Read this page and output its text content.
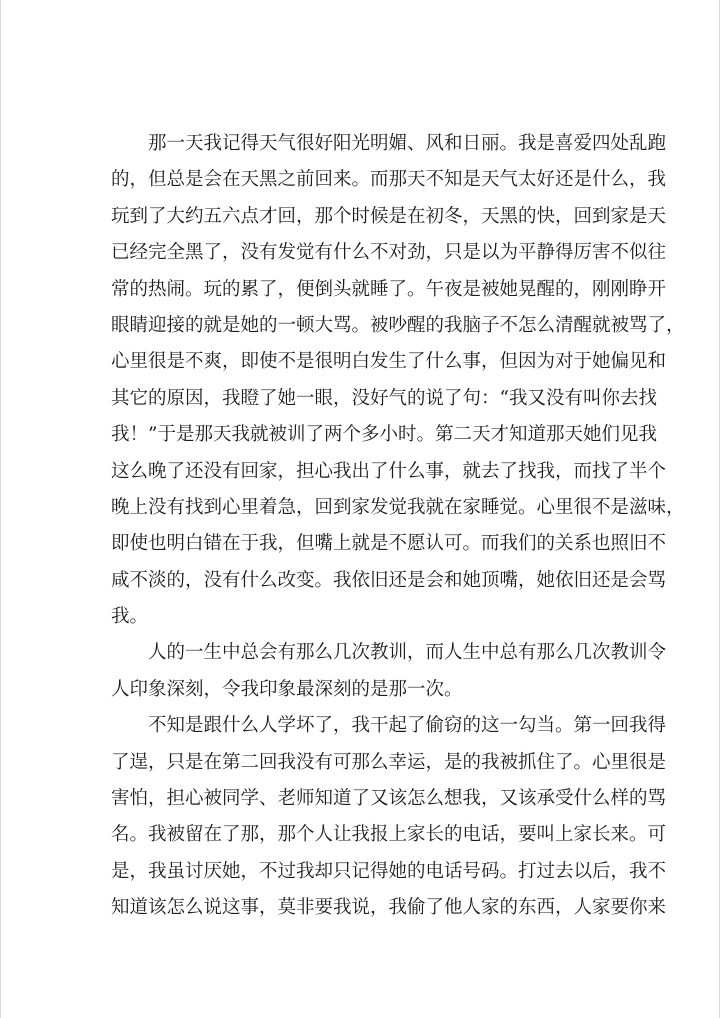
那一天我记得天气很好阳光明媚、风和日丽。我是喜爱四处乱跑
的，但总是会在天黑之前回来。而那天不知是天气太好还是什么，我
玩到了大约五六点才回，那个时候是在初冬，天黑的快，回到家是天
已经完全黑了，没有发觉有什么不对劲，只是以为平静得厉害不似往
常的热闹。玩的累了，便倒头就睡了。午夜是被她晃醒的，刚刚睁开
眼睛迎接的就是她的一顿大骂。被吵醒的我脑子不怎么清醒就被骂了，
心里很是不爽，即使不是很明白发生了什么事，但因为对于她偏见和
其它的原因，我瞪了她一眼，没好气的说了句：“我又没有叫你去找
我！”于是那天我就被训了两个多小时。第二天才知道那天她们见我
这么晚了还没有回家，担心我出了什么事，就去了找我，而找了半个
晚上没有找到心里着急，回到家发觉我就在家睡觉。心里很不是滋味，
即使也明白错在于我，但嘴上就是不愿认可。而我们的关系也照旧不
咸不淡的，没有什么改变。我依旧还是会和她顶嘴，她依旧还是会骂
我。
人的一生中总会有那么几次教训，而人生中总有那么几次教训令
人印象深刻，令我印象最深刻的是那一次。
不知是跟什么人学坏了，我干起了偷窃的这一勾当。第一回我得
了逞，只是在第二回我没有可那么幸运，是的我被抓住了。心里很是
害怕，担心被同学、老师知道了又该怎么想我，又该承受什么样的骂
名。我被留在了那，那个人让我报上家长的电话，要叫上家长来。可
是，我虽讨厌她，不过我却只记得她的电话号码。打过去以后，我不
知道该怎么说这事，莫非要我说，我偷了他人家的东西，人家要你来
